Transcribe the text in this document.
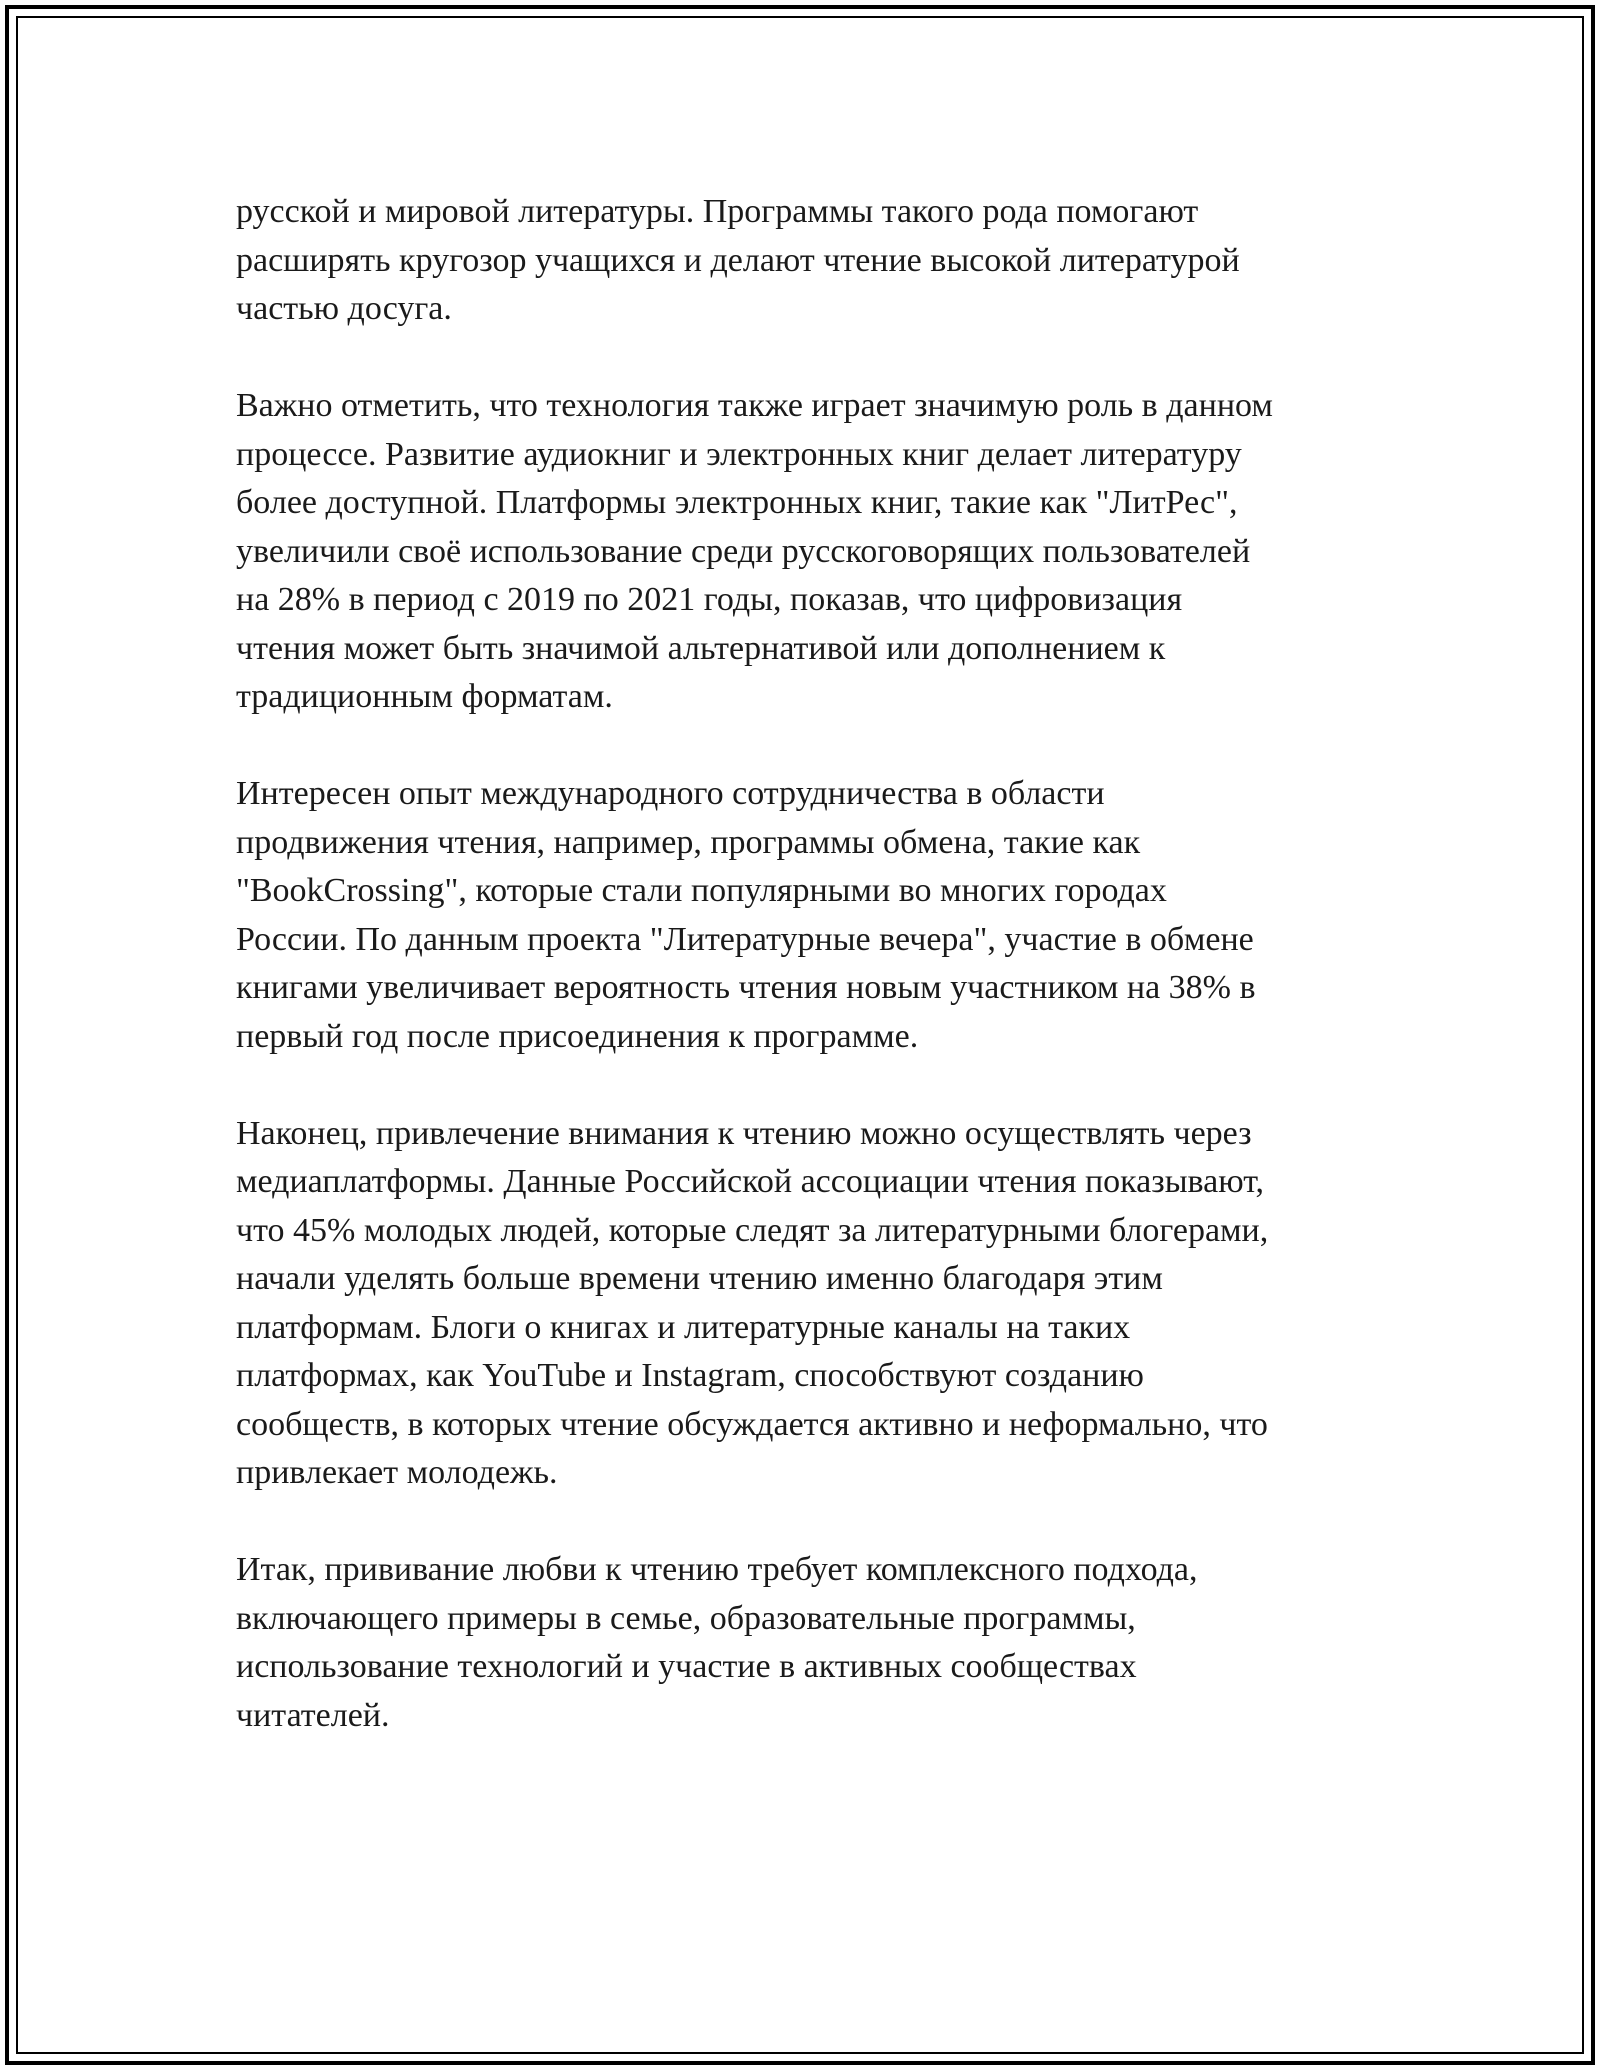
русской и мировой литературы. Программы такого рода помогают
расширять кругозор учащихся и делают чтение высокой литературой
частью досуга.

Важно отметить, что технология также играет значимую роль в данном
процессе. Развитие аудиокниг и электронных книг делает литературу
более доступной. Платформы электронных книг, такие как "ЛитРес",
увеличили своё использование среди русскоговорящих пользователей
на 28% в период с 2019 по 2021 годы, показав, что цифровизация
чтения может быть значимой альтернативой или дополнением к
традиционным форматам.

Интересен опыт международного сотрудничества в области
продвижения чтения, например, программы обмена, такие как
"BookCrossing", которые стали популярными во многих городах
России. По данным проекта "Литературные вечера", участие в обмене
книгами увеличивает вероятность чтения новым участником на 38% в
первый год после присоединения к программе.

Наконец, привлечение внимания к чтению можно осуществлять через
медиаплатформы. Данные Российской ассоциации чтения показывают,
что 45% молодых людей, которые следят за литературными блогерами,
начали уделять больше времени чтению именно благодаря этим
платформам. Блоги о книгах и литературные каналы на таких
платформах, как YouTube и Instagram, способствуют созданию
сообществ, в которых чтение обсуждается активно и неформально, что
привлекает молодежь.

Итак, прививание любви к чтению требует комплексного подхода,
включающего примеры в семье, образовательные программы,
использование технологий и участие в активных сообществах
читателей.
